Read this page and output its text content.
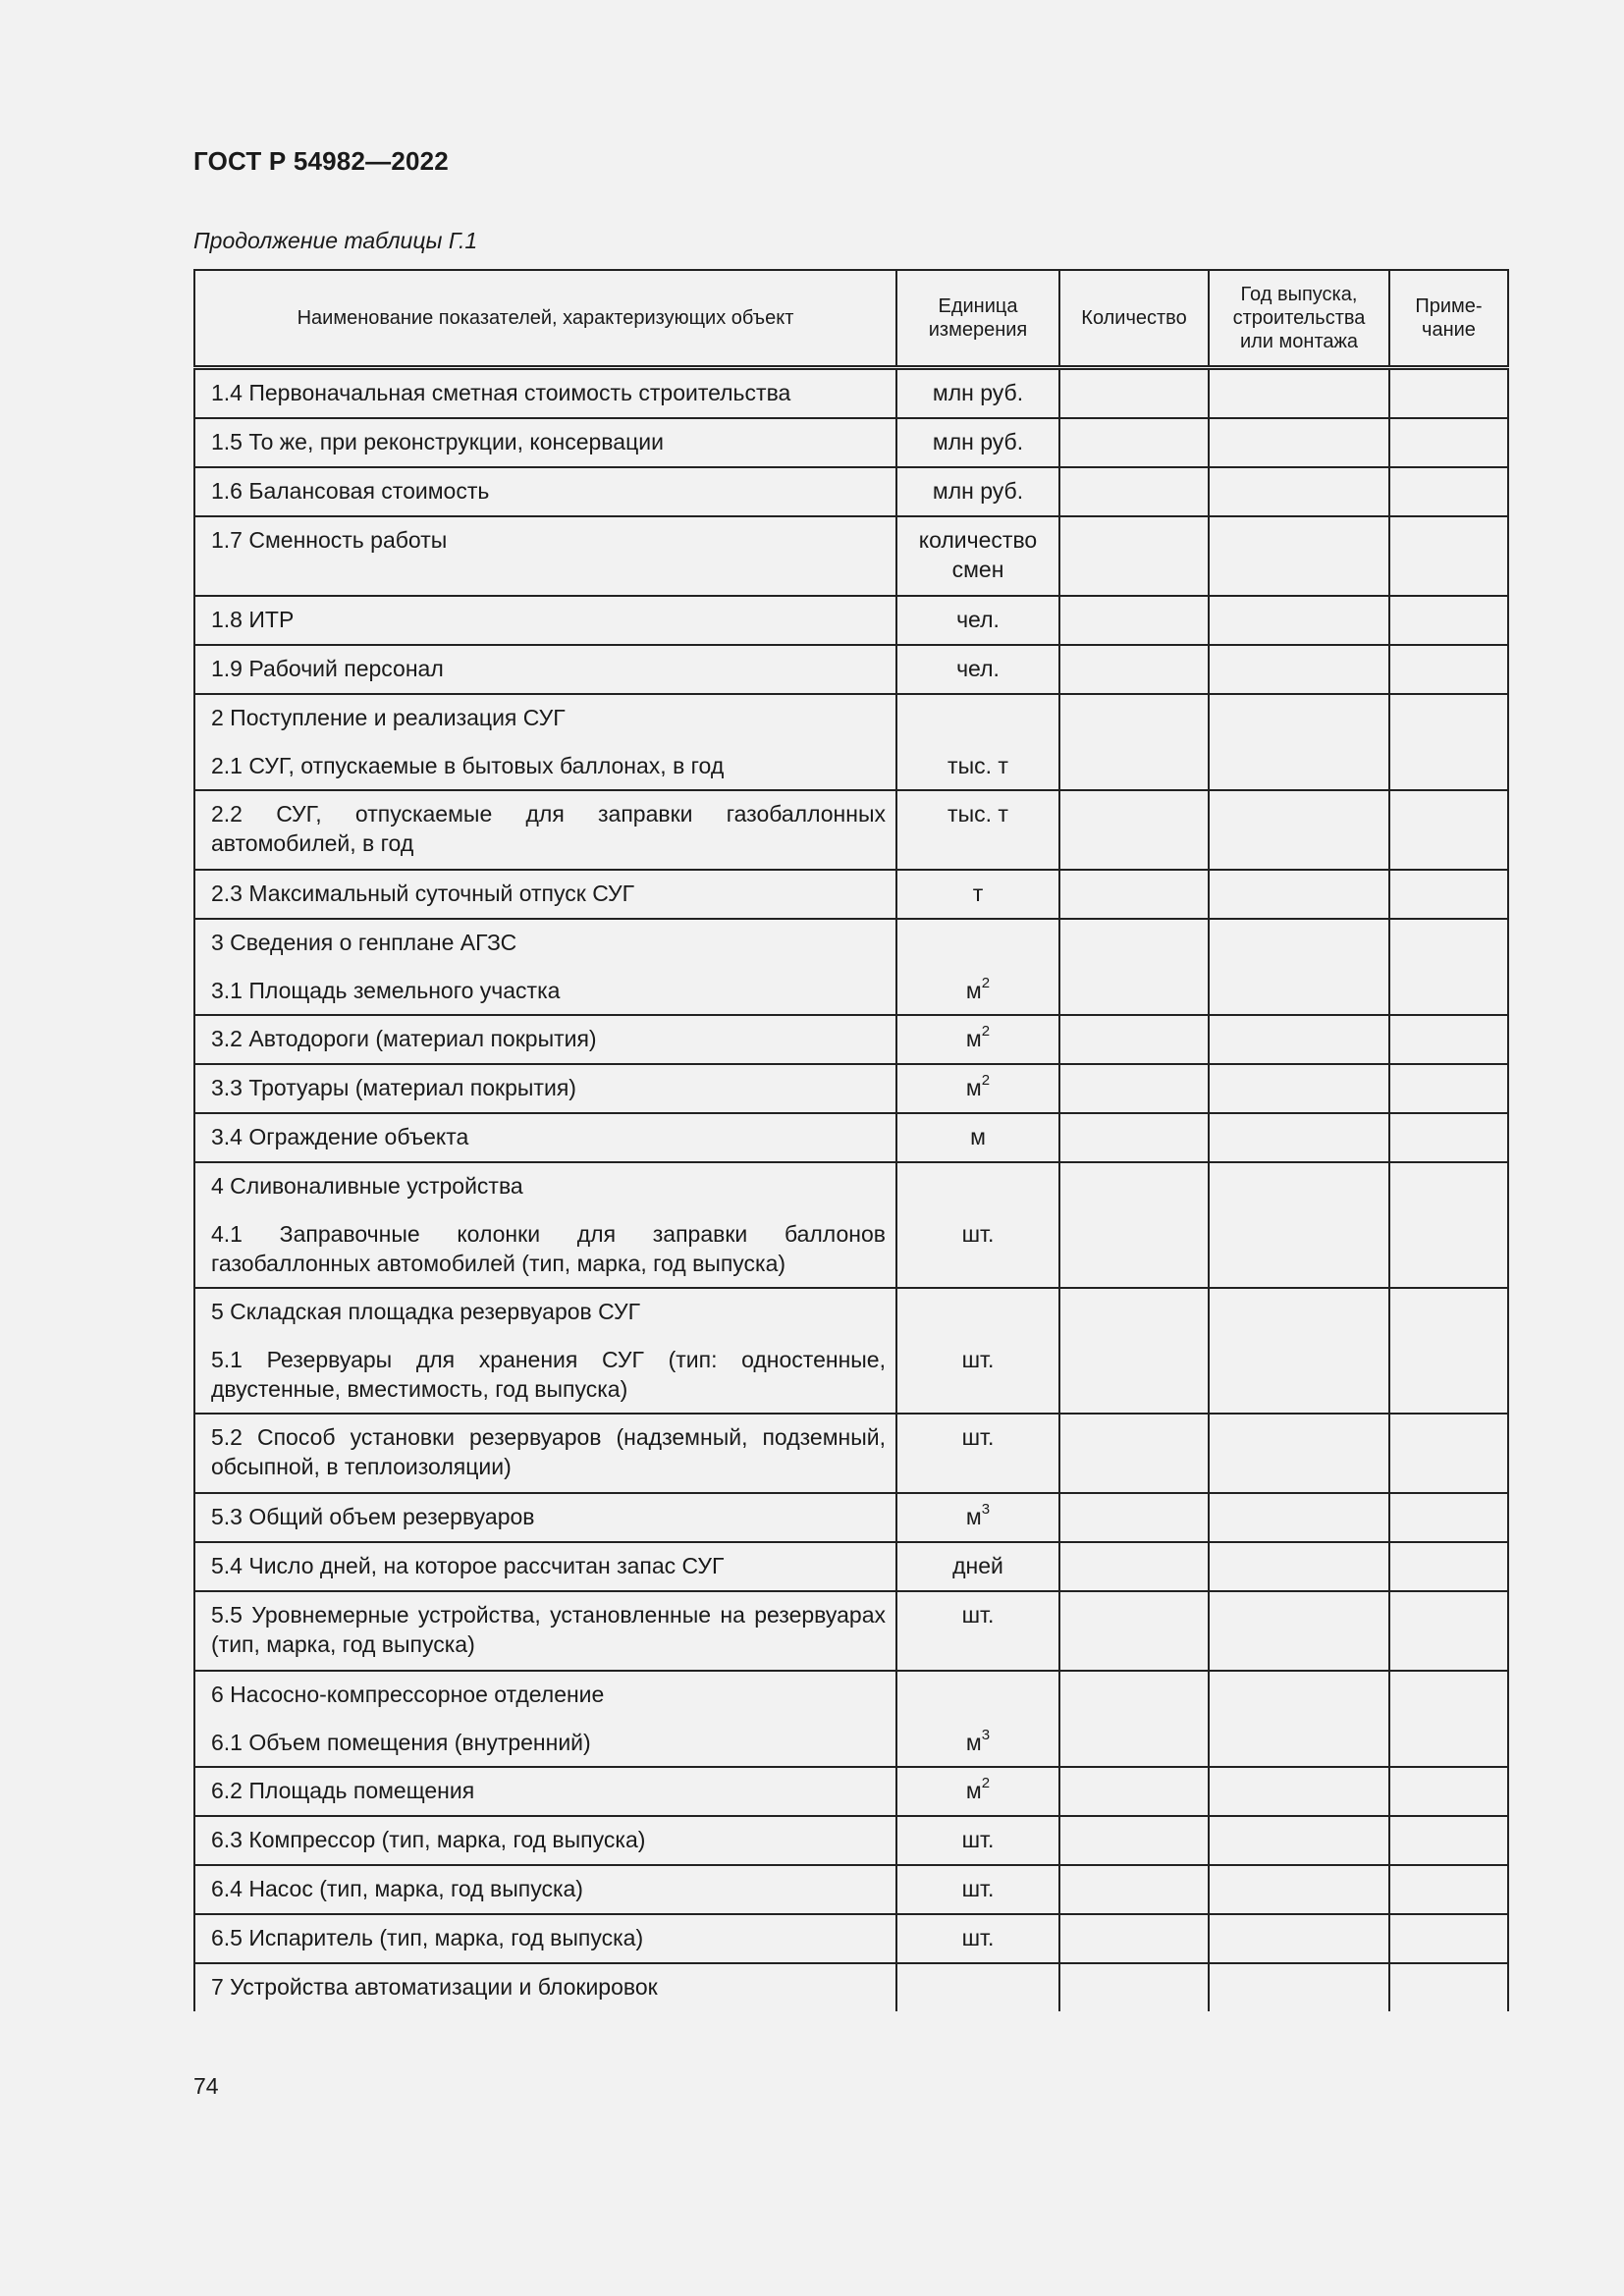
ГОСТ Р 54982—2022
Продолжение таблицы Г.1
Наименование показателей, характеризующих объект	Единица измерения	Количество	Год выпуска, строительства или монтажа	Приме-чание
1.4 Первоначальная сметная стоимость строительства	млн руб.			
1.5 То же, при реконструкции, консервации	млн руб.			
1.6 Балансовая стоимость	млн руб.			
1.7 Сменность работы	количество смен			
1.8 ИТР	чел.			
1.9 Рабочий персонал	чел.			
2 Поступление и реализация СУГ
2.1 СУГ, отпускаемые в бытовых баллонах, в год	тыс. т			

2.2 СУГ, отпускаемые для заправки газобаллонных автомобилей, в год	тыс. т			
2.3 Максимальный суточный отпуск СУГ	т			
3 Сведения о генплане АГЗС
3.1 Площадь земельного участка	$м^2$

3.2 Автодороги (материал покрытия)	$м^2$			
3.3 Тротуары (материал покрытия)	$м^2$			
3.4 Ограждение объекта	м			
4 Сливоналивные устройства
4.1 Заправочные колонки для заправки баллонов газобаллонных автомобилей (тип, марка, год выпуска)	шт.			

5 Складская площадка резервуаров СУГ
5.1 Резервуары для хранения СУГ (тип: одностенные, двустенные, вместимость, год выпуска)	шт.			

5.2 Способ установки резервуаров (надземный, подземный, обсыпной, в теплоизоляции)	шт.			
5.3 Общий объем резервуаров	$м^3$			
5.4 Число дней, на которое рассчитан запас СУГ	дней			
5.5 Уровнемерные устройства, установленные на резервуарах (тип, марка, год выпуска)	шт.			
6 Насосно-компрессорное отделение
6.1 Объем помещения (внутренний)	$м^3$

6.2 Площадь помещения	$м^2$			
6.3 Компрессор (тип, марка, год выпуска)	шт.			
6.4 Насос (тип, марка, год выпуска)	шт.			
6.5 Испаритель (тип, марка, год выпуска)	шт.			
7 Устройства автоматизации и блокировок				
74
